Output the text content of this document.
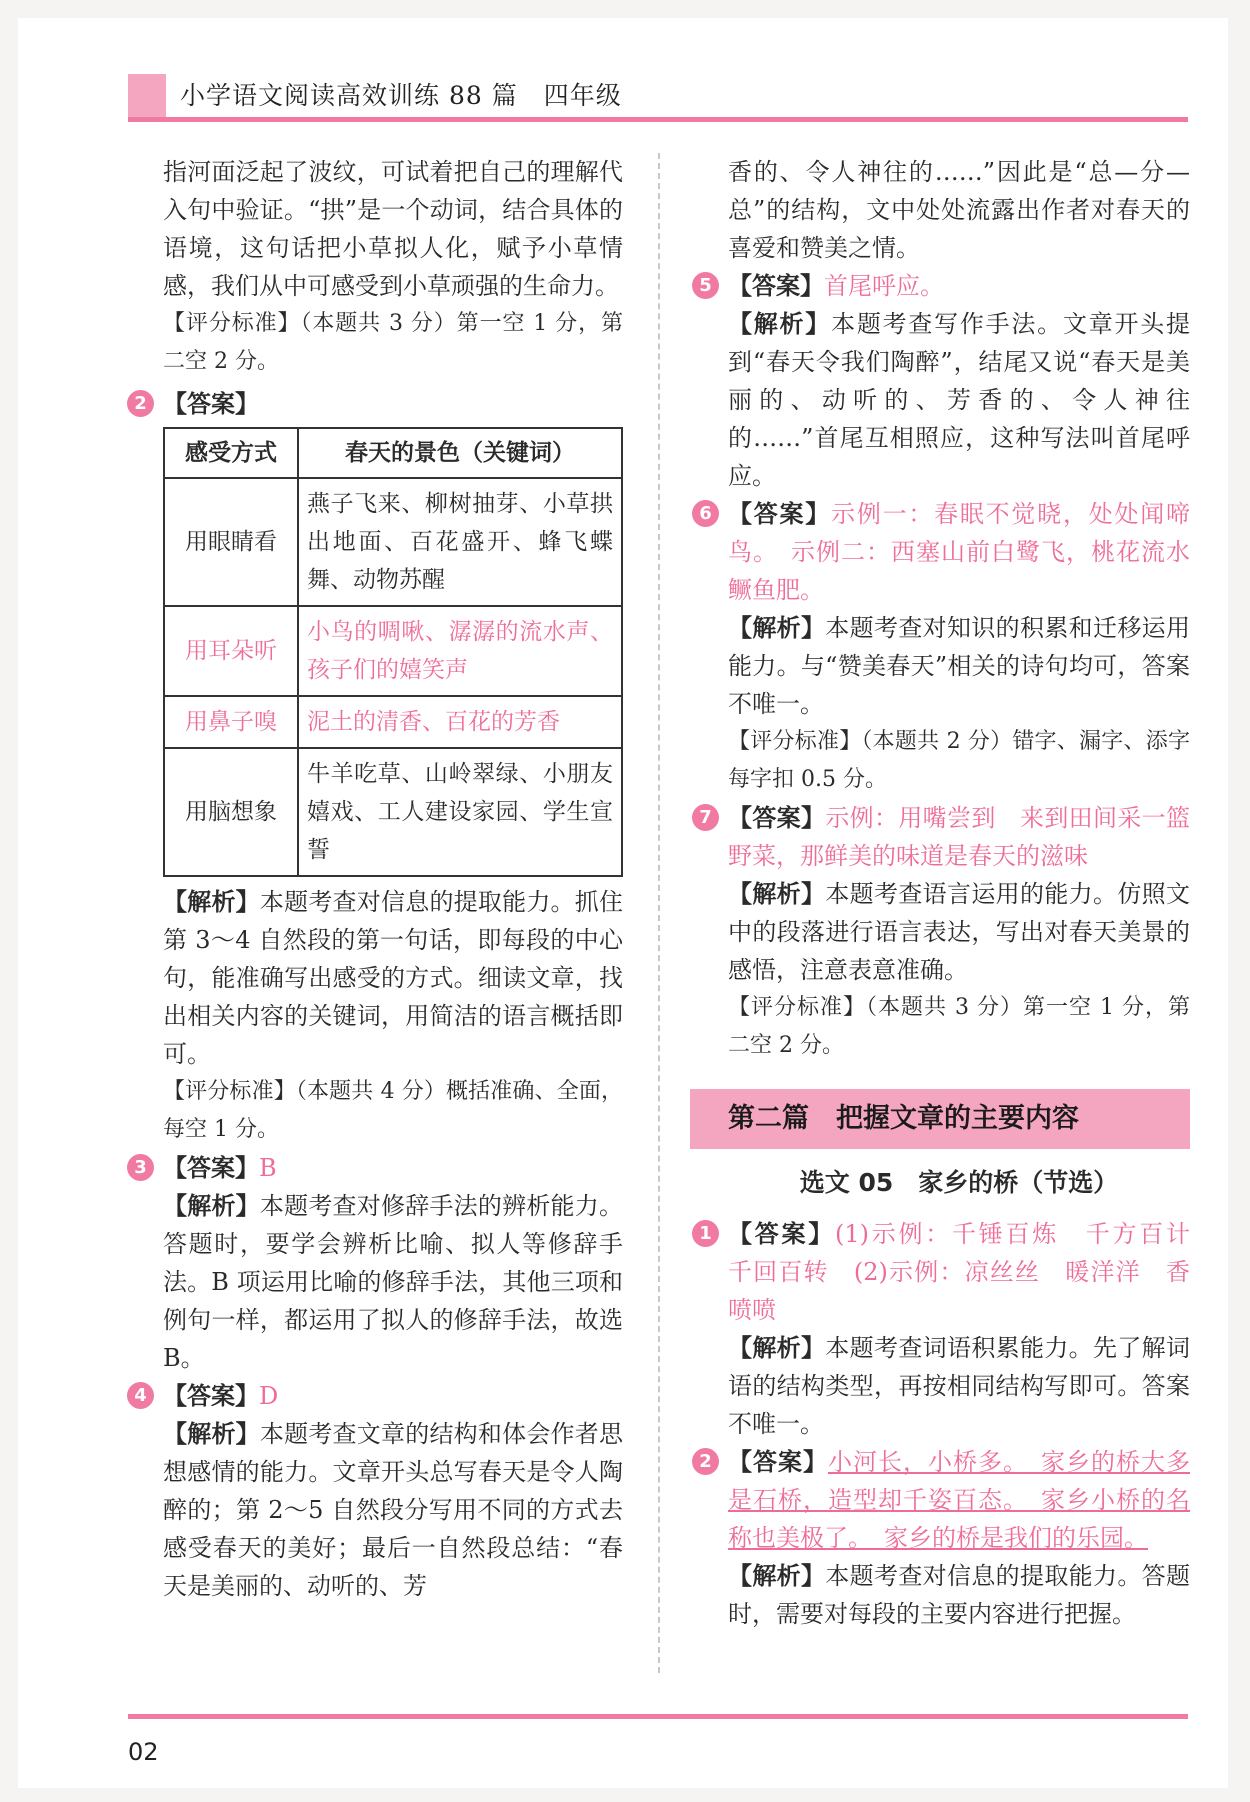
小学语文阅读高效训练 88 篇　四年级

指河面泛起了波纹，可试着把自己的理解代入句中验证。“拱”是一个动词，结合具体的语境，这句话把小草拟人化，赋予小草情感，我们从中可感受到小草顽强的生命力。

【评分标准】（本题共 3 分）第一空 1 分，第二空 2 分。

2 【答案】

感受方式	春天的景色（关键词）
用眼睛看	燕子飞来、柳树抽芽、小草拱出地面、百花盛开、蜂飞蝶舞、动物苏醒
用耳朵听	小鸟的啁啾、潺潺的流水声、孩子们的嬉笑声
用鼻子嗅	泥土的清香、百花的芳香
用脑想象	牛羊吃草、山岭翠绿、小朋友嬉戏、工人建设家园、学生宣誓

【解析】本题考查对信息的提取能力。抓住第 3～4 自然段的第一句话，即每段的中心句，能准确写出感受的方式。细读文章，找出相关内容的关键词，用简洁的语言概括即可。

【评分标准】（本题共 4 分）概括准确、全面，每空 1 分。

3 【答案】B

【解析】本题考查对修辞手法的辨析能力。答题时，要学会辨析比喻、拟人等修辞手法。B 项运用比喻的修辞手法，其他三项和例句一样，都运用了拟人的修辞手法，故选 B。

4 【答案】D

【解析】本题考查文章的结构和体会作者思想感情的能力。文章开头总写春天是令人陶醉的；第 2～5 自然段分写用不同的方式去感受春天的美好；最后一自然段总结：“春天是美丽的、动听的、芳

香的、令人神往的……”因此是“总—分—总”的结构，文中处处流露出作者对春天的喜爱和赞美之情。

5 【答案】首尾呼应。

【解析】本题考查写作手法。文章开头提到“春天令我们陶醉”，结尾又说“春天是美丽的、动听的、芳香的、令人神往的……”首尾互相照应，这种写法叫首尾呼应。

6 【答案】示例一：春眠不觉晓，处处闻啼鸟。　示例二：西塞山前白鹭飞，桃花流水鳜鱼肥。

【解析】本题考查对知识的积累和迁移运用能力。与“赞美春天”相关的诗句均可，答案不唯一。

【评分标准】（本题共 2 分）错字、漏字、添字每字扣 0.5 分。

7 【答案】示例：用嘴尝到　来到田间采一篮野菜，那鲜美的味道是春天的滋味

【解析】本题考查语言运用的能力。仿照文中的段落进行语言表达，写出对春天美景的感悟，注意表意准确。

【评分标准】（本题共 3 分）第一空 1 分，第二空 2 分。

第二篇　把握文章的主要内容
选文 05　家乡的桥（节选）
1 【答案】(1)示例：千锤百炼　千方百计　千回百转　(2)示例：凉丝丝　暖洋洋　香喷喷

【解析】本题考查词语积累能力。先了解词语的结构类型，再按相同结构写即可。答案不唯一。

2 【答案】小河长，小桥多。　家乡的桥大多是石桥，造型却千姿百态。　家乡小桥的名称也美极了。　家乡的桥是我们的乐园。

【解析】本题考查对信息的提取能力。答题时，需要对每段的主要内容进行把握。

02
